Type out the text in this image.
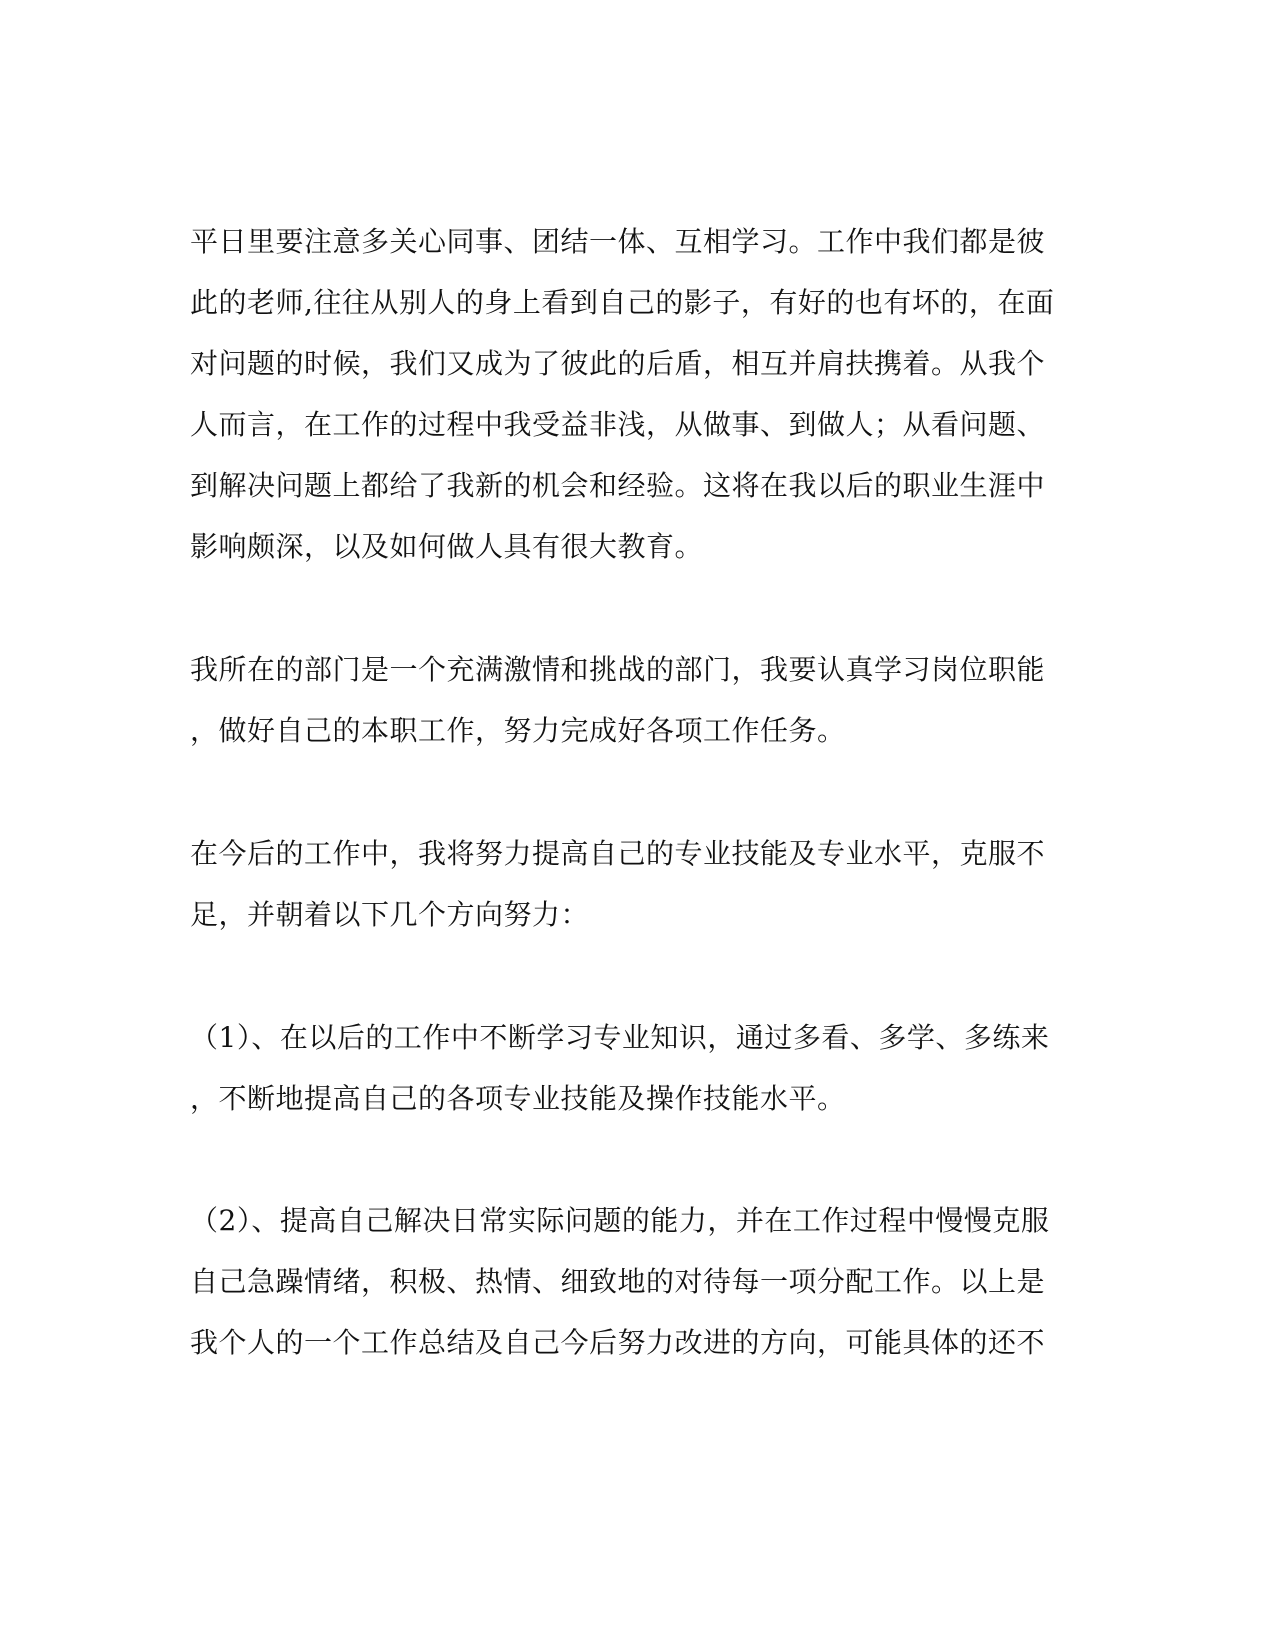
平日里要注意多关心同事、团结一体、互相学习。工作中我们都是彼
此的老师,往往从别人的身上看到自己的影子，有好的也有坏的，在面
对问题的时候，我们又成为了彼此的后盾，相互并肩扶携着。从我个
人而言，在工作的过程中我受益非浅，从做事、到做人；从看问题、
到解决问题上都给了我新的机会和经验。这将在我以后的职业生涯中
影响颇深，以及如何做人具有很大教育。
我所在的部门是一个充满激情和挑战的部门，我要认真学习岗位职能
，做好自己的本职工作，努力完成好各项工作任务。
在今后的工作中，我将努力提高自己的专业技能及专业水平，克服不
足，并朝着以下几个方向努力：
（1）、在以后的工作中不断学习专业知识，通过多看、多学、多练来
，不断地提高自己的各项专业技能及操作技能水平。
（2）、提高自己解决日常实际问题的能力，并在工作过程中慢慢克服
自己急躁情绪，积极、热情、细致地的对待每一项分配工作。以上是
我个人的一个工作总结及自己今后努力改进的方向，可能具体的还不
